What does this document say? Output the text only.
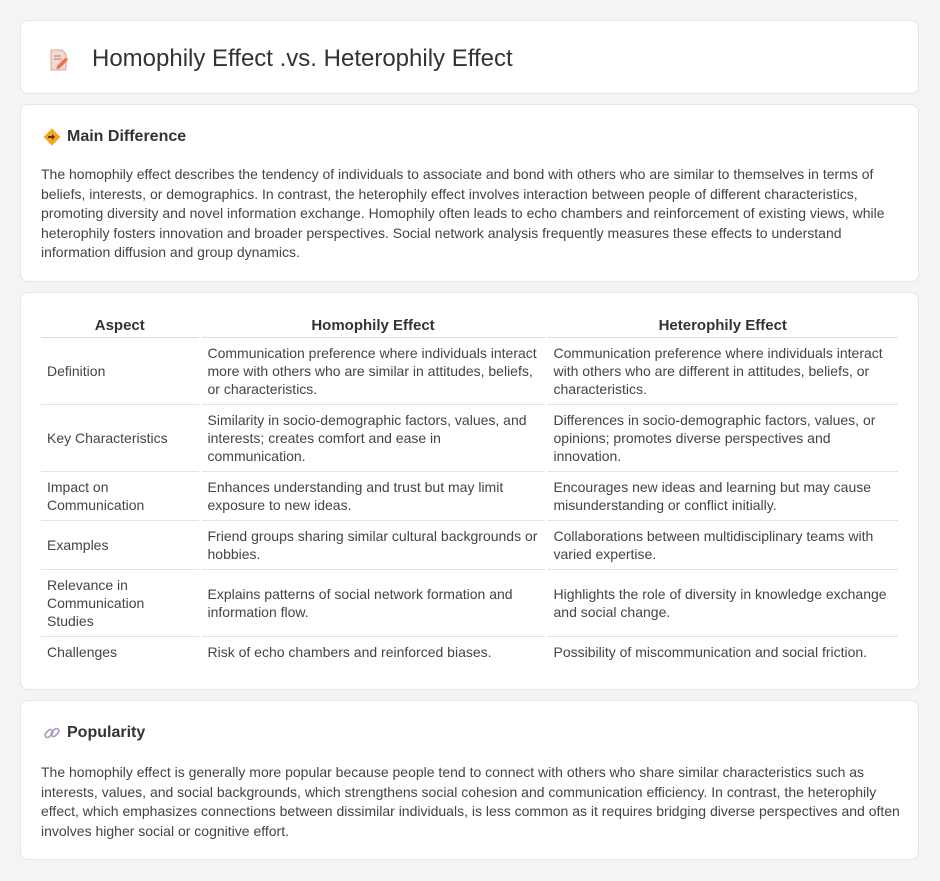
Homophily Effect .vs. Heterophily Effect
Main Difference

The homophily effect describes the tendency of individuals to associate and bond with others who are similar to themselves in terms of beliefs, interests, or demographics. In contrast, the heterophily effect involves interaction between people of different characteristics, promoting diversity and novel information exchange. Homophily often leads to echo chambers and reinforcement of existing views, while heterophily fosters innovation and broader perspectives. Social network analysis frequently measures these effects to understand information diffusion and group dynamics.

Aspect	Homophily Effect	Heterophily Effect
Definition	Communication preference where individuals interact more with others who are similar in attitudes, beliefs, or characteristics.	Communication preference where individuals interact with others who are different in attitudes, beliefs, or characteristics.
Key Characteristics	Similarity in socio-demographic factors, values, and interests; creates comfort and ease in communication.	Differences in socio-demographic factors, values, or opinions; promotes diverse perspectives and innovation.
Impact on Communication	Enhances understanding and trust but may limit exposure to new ideas.	Encourages new ideas and learning but may cause misunderstanding or conflict initially.
Examples	Friend groups sharing similar cultural backgrounds or hobbies.	Collaborations between multidisciplinary teams with varied expertise.
Relevance in Communication Studies	Explains patterns of social network formation and information flow.	Highlights the role of diversity in knowledge exchange and social change.
Challenges	Risk of echo chambers and reinforced biases.	Possibility of miscommunication and social friction.
Popularity

The homophily effect is generally more popular because people tend to connect with others who share similar characteristics such as interests, values, and social backgrounds, which strengthens social cohesion and communication efficiency. In contrast, the heterophily effect, which emphasizes connections between dissimilar individuals, is less common as it requires bridging diverse perspectives and often involves higher social or cognitive effort.
